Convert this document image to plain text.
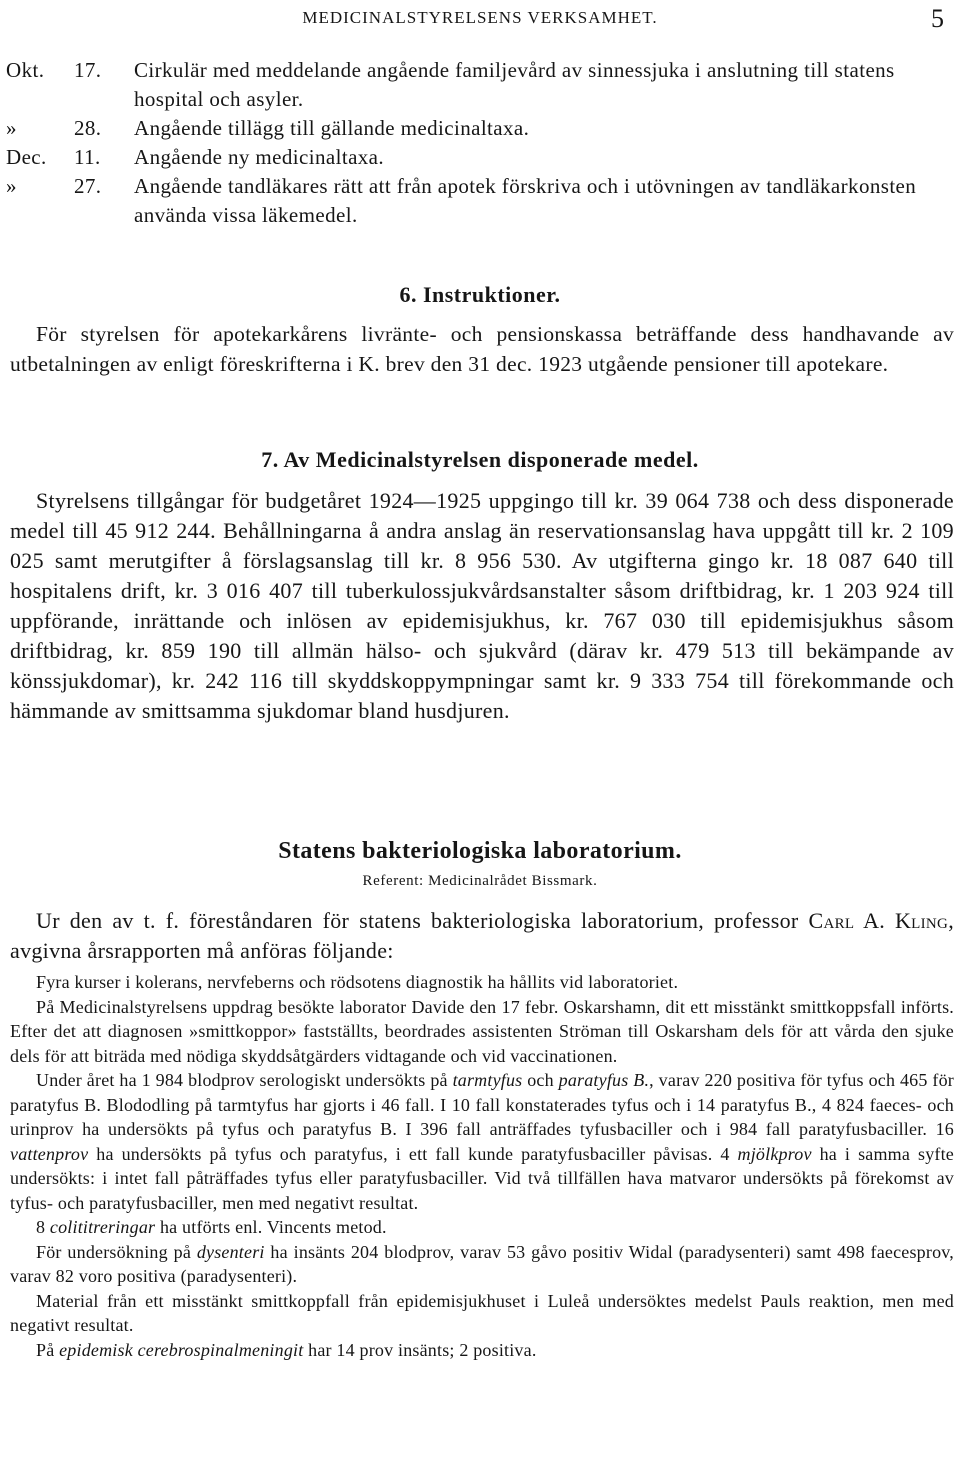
MEDICINALSTYRELSENS VERKSAMHET.	5
Okt.	17.	Cirkulär med meddelande angående familjevård av sinnessjuka i anslutning till statens hospital och asyler.
»	28.	Angående tillägg till gällande medicinaltaxa.
Dec.	11.	Angående ny medicinaltaxa.
»	27.	Angående tandläkares rätt att från apotek förskriva och i utövningen av tandläkarkonsten använda vissa läkemedel.
6. Instruktioner.
För styrelsen för apotekarkårens livränte- och pensionskassa beträffande dess handhavande av utbetalningen av enligt föreskrifterna i K. brev den 31 dec. 1923 utgående pensioner till apotekare.
7. Av Medicinalstyrelsen disponerade medel.
Styrelsens tillgångar för budgetåret 1924—1925 uppgingo till kr. 39 064 738 och dess disponerade medel till 45 912 244. Behållningarna å andra anslag än reservationsanslag hava uppgått till kr. 2 109 025 samt merutgifter å förslagsanslag till kr. 8 956 530. Av utgifterna gingo kr. 18 087 640 till hospitalens drift, kr. 3 016 407 till tuberkulossjukvårdsanstalter såsom driftbidrag, kr. 1 203 924 till uppförande, inrättande och inlösen av epidemisjukhus, kr. 767 030 till epidemisjukhus såsom driftbidrag, kr. 859 190 till allmän hälso- och sjukvård (därav kr. 479 513 till bekämpande av könssjukdomar), kr. 242 116 till skyddskoppympningar samt kr. 9 333 754 till förekommande och hämmande av smittsamma sjukdomar bland husdjuren.
Statens bakteriologiska laboratorium.
Referent: Medicinalrådet Bissmark.
Ur den av t. f. föreståndaren för statens bakteriologiska laboratorium, professor Carl A. Kling, avgivna årsrapporten må anföras följande:

Fyra kurser i kolerans, nervfeberns och rödsotens diagnostik ha hållits vid laboratoriet.

På Medicinalstyrelsens uppdrag besökte laborator Davide den 17 febr. Oskarshamn, dit ett misstänkt smittkoppsfall införts. Efter det att diagnosen »smittkoppor» fastställts, beordrades assistenten Ströman till Oskarsham dels för att vårda den sjuke dels för att biträda med nödiga skyddsåtgärders vidtagande och vid vaccinationen.

Under året ha 1 984 blodprov serologiskt undersökts på tarmtyfus och paratyfus B., varav 220 positiva för tyfus och 465 för paratyfus B. Blododling på tarmtyfus har gjorts i 46 fall. I 10 fall konstaterades tyfus och i 14 paratyfus B., 4 824 faeces- och urinprov ha undersökts på tyfus och paratyfus B. I 396 fall anträffades tyfusbaciller och i 984 fall paratyfusbaciller. 16 vattenprov ha undersökts på tyfus och paratyfus, i ett fall kunde paratyfusbaciller påvisas. 4 mjölkprov ha i samma syfte undersökts: i intet fall påträffades tyfus eller paratyfusbaciller. Vid två tillfällen hava matvaror undersökts på förekomst av tyfus- och paratyfusbaciller, men med negativt resultat.

8 colititreringar ha utförts enl. Vincents metod.

För undersökning på dysenteri ha insänts 204 blodprov, varav 53 gåvo positiv Widal (paradysenteri) samt 498 faecesprov, varav 82 voro positiva (paradysenteri).

Material från ett misstänkt smittkoppfall från epidemisjukhuset i Luleå undersöktes medelst Pauls reaktion, men med negativt resultat.

På epidemisk cerebrospinalmeningit har 14 prov insänts; 2 positiva.
